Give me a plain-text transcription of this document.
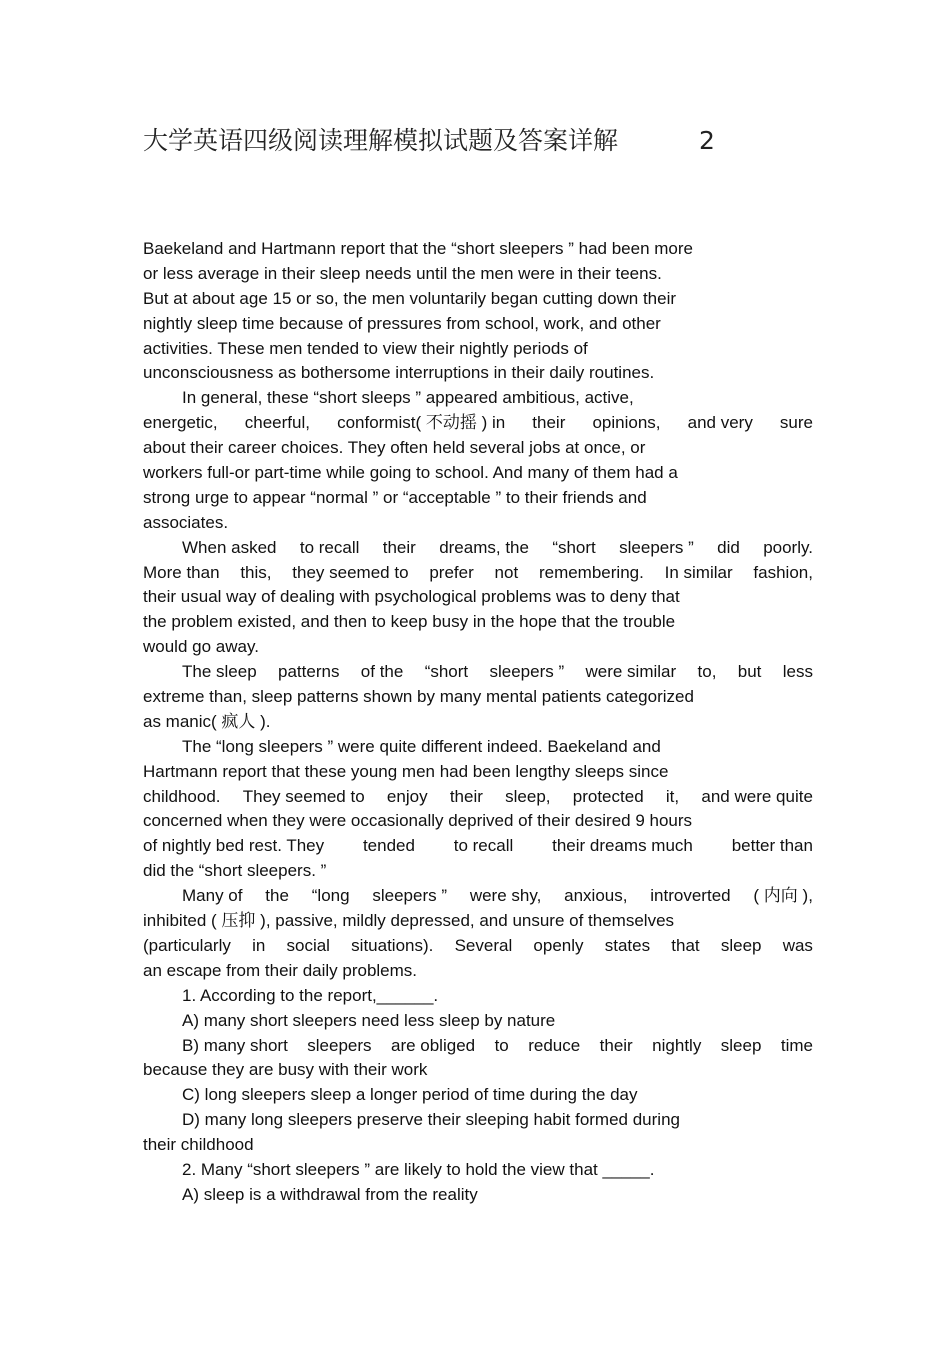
大学英语四级阅读理解模拟试题及答案详解	2
Baekeland and Hartmann report that the “short sleepers ” had been more
or less average in their sleep needs until the men were in their teens.
But at about age 15 or so, the men voluntarily began cutting down their
nightly sleep time because of pressures from school, work, and other
activities. These men tended to view their nightly periods of
unconsciousness as bothersome interruptions in their daily routines.
In general, these “short sleeps ” appeared ambitious, active,
energetic, cheerful, conformist( 不动摇 ) in their opinions, and very sure
about their career choices. They often held several jobs at once, or
workers full-or part-time while going to school. And many of them had a
strong urge to appear “normal ” or “acceptable ” to their friends and
associates.
When asked to recall their dreams, the “short sleepers ” did poorly.
More than this, they seemed to prefer not remembering. In similar fashion,
their usual way of dealing with psychological problems was to deny that
the problem existed, and then to keep busy in the hope that the trouble
would go away.
The sleep patterns of the “short sleepers ” were similar to, but less
extreme than, sleep patterns shown by many mental patients categorized
as manic( 疯人 ).
The “long sleepers ” were quite different indeed. Baekeland and
Hartmann report that these young men had been lengthy sleeps since
childhood. They seemed to enjoy their sleep, protected it, and were quite
concerned when they were occasionally deprived of their desired 9 hours
of nightly bed rest. They tended to recall their dreams much better than
did the “short sleepers. ”
Many of the “long sleepers ” were shy, anxious, introverted ( 内向 ),
inhibited ( 压抑 ), passive, mildly depressed, and unsure of themselves
(particularly in social situations). Several openly states that sleep was
an escape from their daily problems.
1. According to the report,______.
A) many short sleepers need less sleep by nature
B) many short sleepers are obliged to reduce their nightly sleep time
because they are busy with their work
C) long sleepers sleep a longer period of time during the day
D) many long sleepers preserve their sleeping habit formed during
their childhood
2. Many “short sleepers ” are likely to hold the view that _____.
A) sleep is a withdrawal from the reality
